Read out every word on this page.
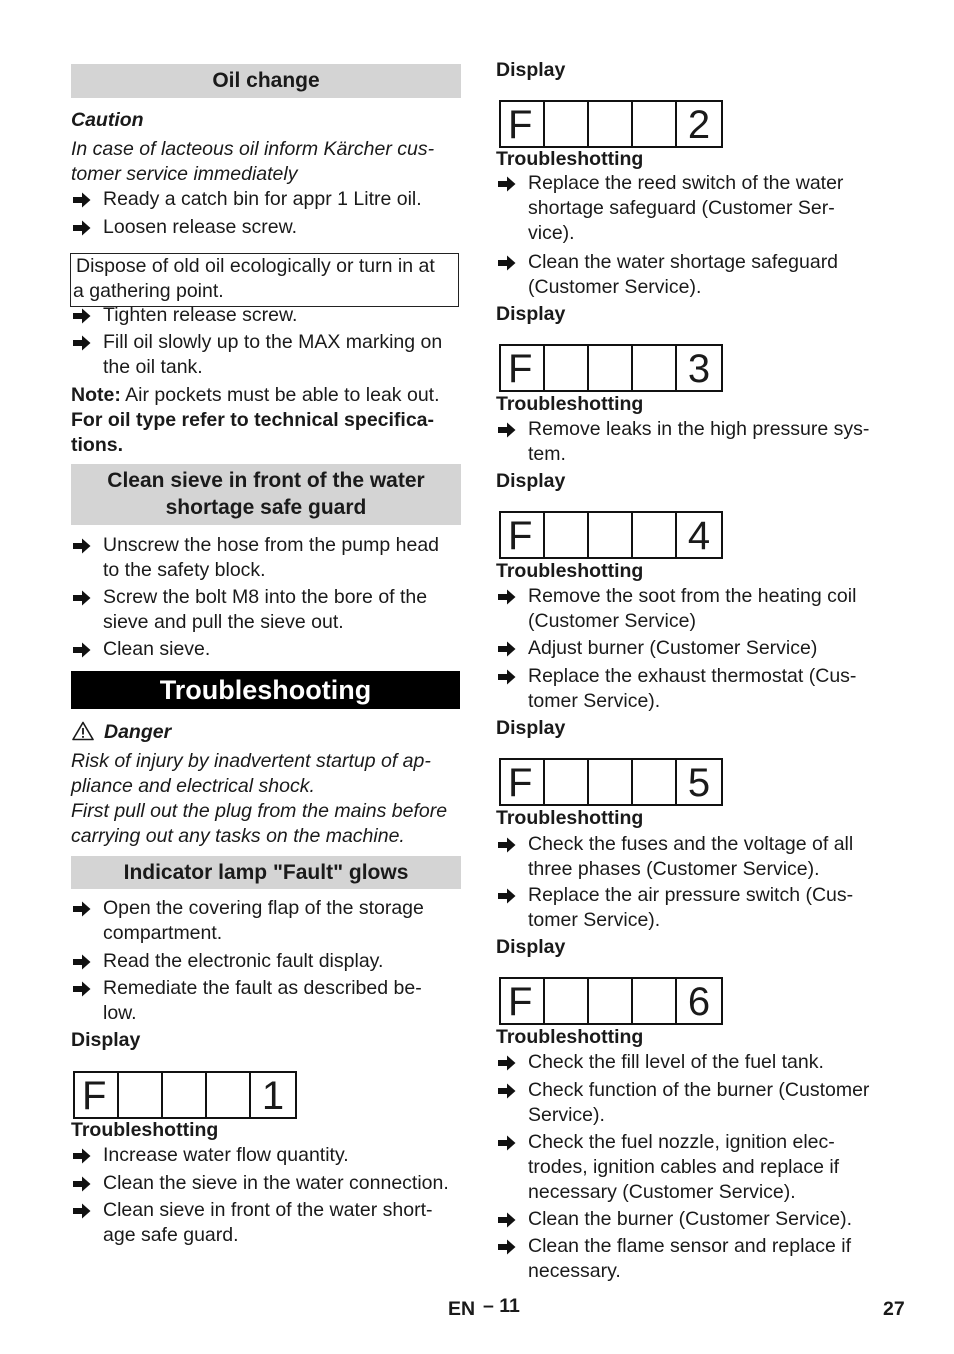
Oil change
Caution
In case of lacteous oil inform Kärcher cus-
tomer service immediately
Ready a catch bin for appr 1 Litre oil.
Loosen release screw.
Dispose of old oil ecologically or turn in at
a gathering point.
Tighten release screw.
Fill oil slowly up to the MAX marking on
the oil tank.
Note: Air pockets must be able to leak out.
For oil type refer to technical specifica-
tions.
Clean sieve in front of the water
shortage safe guard
Unscrew the hose from the pump head
to the safety block.
Screw the bolt M8 into the bore of the
sieve and pull the sieve out.
Clean sieve.
Troubleshooting
Danger
Risk of injury by inadvertent startup of ap-
pliance and electrical shock.
First pull out the plug from the mains before
carrying out any tasks on the machine.
Indicator lamp "Fault" glows
Open the covering flap of the storage
compartment.
Read the electronic fault display.
Remediate the fault as described be-
low.
Display
F	1
Troubleshotting
Increase water flow quantity.
Clean the sieve in the water connection.
Clean sieve in front of the water short-
age safe guard.
Display
F	2
Troubleshotting
Replace the reed switch of the water
shortage safeguard (Customer Ser-
vice).
Clean the water shortage safeguard
(Customer Service).
Display
F	3
Troubleshotting
Remove leaks in the high pressure sys-
tem.
Display
F	4
Troubleshotting
Remove the soot from the heating coil
(Customer Service)
Adjust burner (Customer Service)
Replace the exhaust thermostat (Cus-
tomer Service).
Display
F	5
Troubleshotting
Check the fuses and the voltage of all
three phases (Customer Service).
Replace the air pressure switch (Cus-
tomer Service).
Display
F	6
Troubleshotting
Check the fill level of the fuel tank.
Check function of the burner (Customer
Service).
Check the fuel nozzle, ignition elec-
trodes, ignition cables and replace if
necessary (Customer Service).
Clean the burner (Customer Service).
Clean the flame sensor and replace if
necessary.
EN – 11	27
